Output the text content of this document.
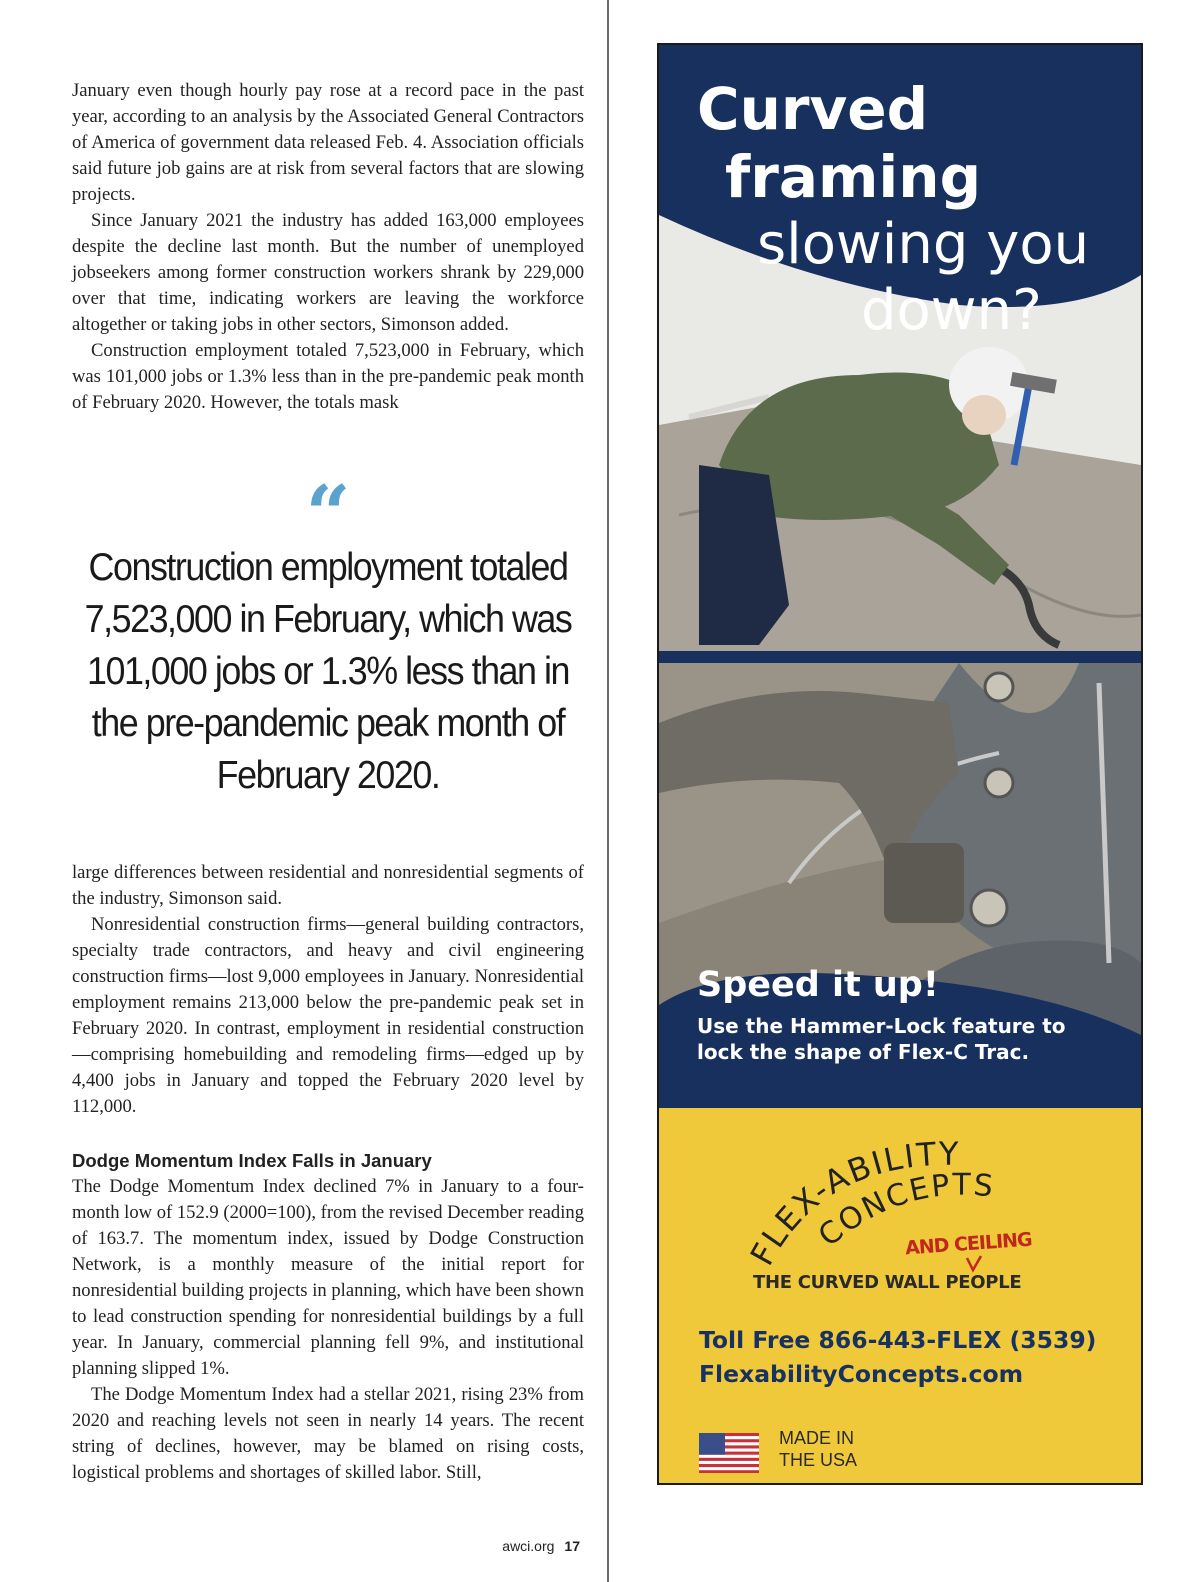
January even though hourly pay rose at a record pace in the past year, according to an analysis by the Associated General Contractors of America of government data released Feb. 4. Association officials said future job gains are at risk from several factors that are slowing projects.

Since January 2021 the industry has added 163,000 employees despite the decline last month. But the number of unemployed jobseekers among former construction workers shrank by 229,000 over that time, indicating workers are leaving the workforce altogether or taking jobs in other sectors, Simonson added.

Construction employment totaled 7,523,000 in February, which was 101,000 jobs or 1.3% less than in the pre-pandemic peak month of February 2020. However, the totals mask

“
Construction employment totaled 7,523,000 in February, which was 101,000 jobs or 1.3% less than in the pre-pandemic peak month of February 2020.

large differences between residential and nonresidential segments of the industry, Simonson said.

Nonresidential construction firms—general building contractors, specialty trade contractors, and heavy and civil engineering construction firms—lost 9,000 employees in January. Nonresidential employment remains 213,000 below the pre-pandemic peak set in February 2020. In contrast, employment in residential construction—comprising homebuilding and remodeling firms—edged up by 4,400 jobs in January and topped the February 2020 level by 112,000.

Dodge Momentum Index Falls in January

The Dodge Momentum Index declined 7% in January to a four-month low of 152.9 (2000=100), from the revised December reading of 163.7. The momentum index, issued by Dodge Construction Network, is a monthly measure of the initial report for nonresidential building projects in planning, which have been shown to lead construction spending for nonresidential buildings by a full year. In January, commercial planning fell 9%, and institutional planning slipped 1%.

The Dodge Momentum Index had a stellar 2021, rising 23% from 2020 and reaching levels not seen in nearly 14 years. The recent string of declines, however, may be blamed on rising costs, logistical problems and shortages of skilled labor. Still,

awci.org 17
Curved
framing
slowing you
down?
Speed it up!
Use the Hammer-Lock feature to lock the shape of Flex-C Trac.
FLEX-ABILITY
CONCEPTS
AND CEILING
THE CURVED WALL PEOPLE
Toll Free 866-443-FLEX (3539)
FlexabilityConcepts.com
MADE IN
THE USA
